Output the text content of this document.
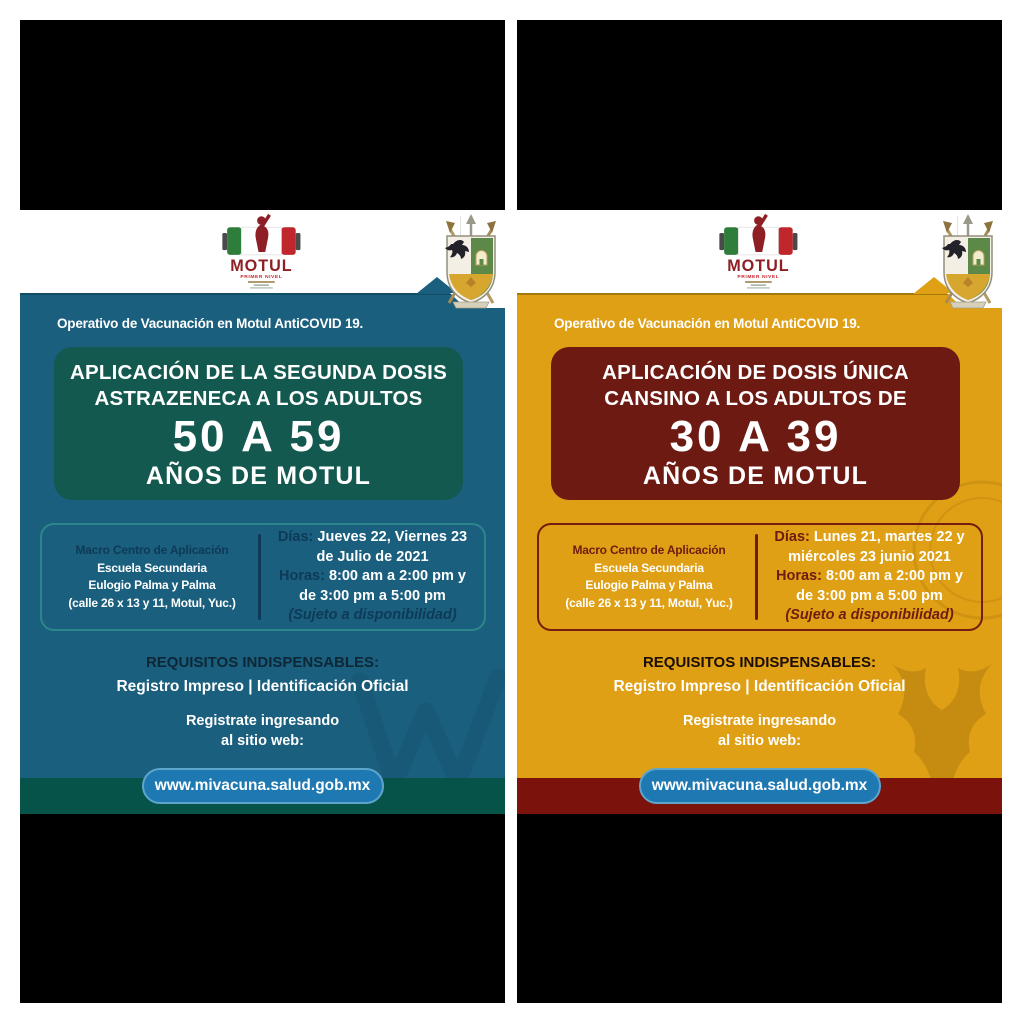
MOTUL
PRIMER NIVEL
Operativo de Vacunación en Motul AntiCOVID 19.
APLICACIÓN DE LA SEGUNDA DOSIS
ASTRAZENECA A LOS ADULTOS
50 A 59
AÑOS DE MOTUL
Macro Centro de Aplicación
Escuela Secundaria
Eulogio Palma y Palma
(calle 26 x 13 y 11, Motul, Yuc.)
Días: Jueves 22, Viernes 23
de Julio de 2021
Horas: 8:00 am a 2:00 pm y
de 3:00 pm a 5:00 pm
(Sujeto a disponibilidad)
REQUISITOS INDISPENSABLES:
Registro Impreso | Identificación Oficial
Registrate ingresando
al sitio web:
www.mivacuna.salud.gob.mx
MOTUL
PRIMER NIVEL
Operativo de Vacunación en Motul AntiCOVID 19.
APLICACIÓN DE DOSIS ÚNICA
CANSINO A LOS ADULTOS DE
30 A 39
AÑOS DE MOTUL
Macro Centro de Aplicación
Escuela Secundaria
Eulogio Palma y Palma
(calle 26 x 13 y 11, Motul, Yuc.)
Días: Lunes 21, martes 22 y
miércoles 23 junio 2021
Horas: 8:00 am a 2:00 pm y
de 3:00 pm a 5:00 pm
(Sujeto a disponibilidad)
REQUISITOS INDISPENSABLES:
Registro Impreso | Identificación Oficial
Registrate ingresando
al sitio web:
www.mivacuna.salud.gob.mx
